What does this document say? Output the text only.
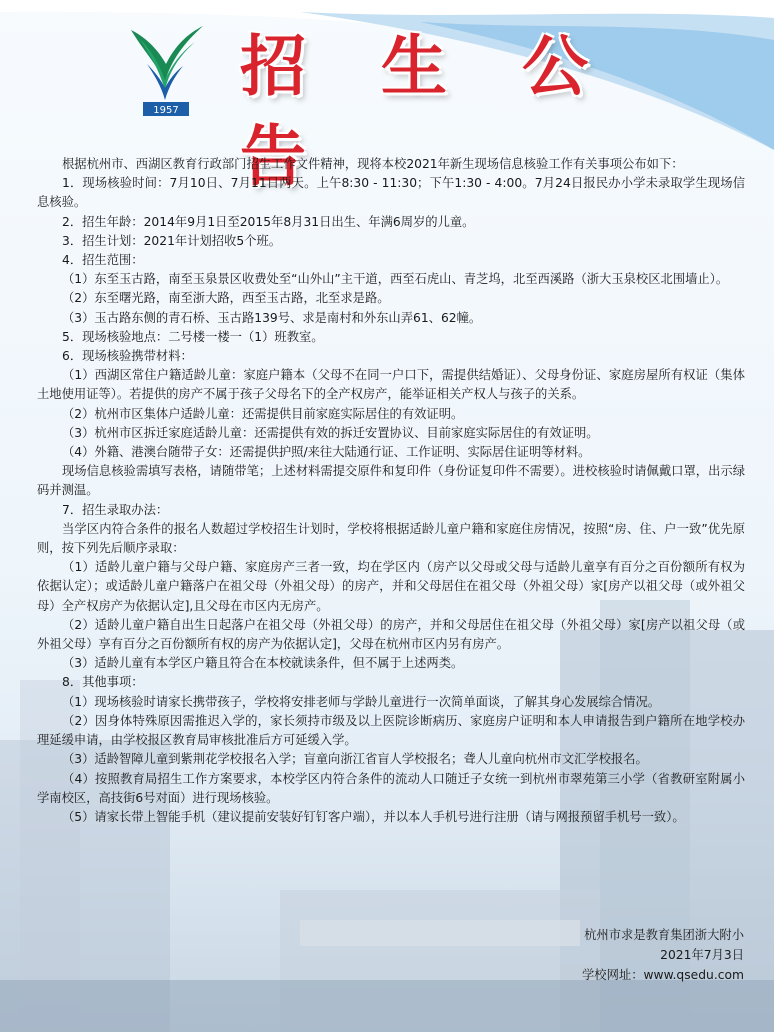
1957
招 生 公 告

根据杭州市、西湖区教育行政部门招生工作文件精神，现将本校2021年新生现场信息核验工作有关事项公布如下：

1．现场核验时间：7月10日、7月11日两天。上午8:30 - 11:30；下午1:30 - 4:00。7月24日报民办小学未录取学生现场信息核验。

2．招生年龄：2014年9月1日至2015年8月31日出生、年满6周岁的儿童。

3．招生计划：2021年计划招收5个班。

4．招生范围：

（1）东至玉古路，南至玉泉景区收费处至“山外山”主干道，西至石虎山、青芝坞，北至西溪路（浙大玉泉校区北围墙止）。

（2）东至曙光路，南至浙大路，西至玉古路，北至求是路。

（3）玉古路东侧的青石桥、玉古路139号、求是南村和外东山弄61、62幢。

5．现场核验地点：二号楼一楼一（1）班教室。

6．现场核验携带材料：

（1）西湖区常住户籍适龄儿童：家庭户籍本（父母不在同一户口下，需提供结婚证）、父母身份证、家庭房屋所有权证（集体土地使用证等）。若提供的房产不属于孩子父母名下的全产权房产，能举证相关产权人与孩子的关系。

（2）杭州市区集体户适龄儿童：还需提供目前家庭实际居住的有效证明。

（3）杭州市区拆迁家庭适龄儿童：还需提供有效的拆迁安置协议、目前家庭实际居住的有效证明。

（4）外籍、港澳台随带子女：还需提供护照/来往大陆通行证、工作证明、实际居住证明等材料。

现场信息核验需填写表格，请随带笔；上述材料需提交原件和复印件（身份证复印件不需要）。进校核验时请佩戴口罩，出示绿码并测温。

7．招生录取办法：

当学区内符合条件的报名人数超过学校招生计划时，学校将根据适龄儿童户籍和家庭住房情况，按照“房、住、户一致”优先原则，按下列先后顺序录取：

（1）适龄儿童户籍与父母户籍、家庭房产三者一致，均在学区内（房产以父母或父母与适龄儿童享有百分之百份额所有权为依据认定）；或适龄儿童户籍落户在祖父母（外祖父母）的房产，并和父母居住在祖父母（外祖父母）家[房产以祖父母（或外祖父母）全产权房产为依据认定],且父母在市区内无房产。

（2）适龄儿童户籍自出生日起落户在祖父母（外祖父母）的房产，并和父母居住在祖父母（外祖父母）家[房产以祖父母（或外祖父母）享有百分之百份额所有权的房产为依据认定]，父母在杭州市区内另有房产。

（3）适龄儿童有本学区户籍且符合在本校就读条件，但不属于上述两类。

8．其他事项：

（1）现场核验时请家长携带孩子，学校将安排老师与学龄儿童进行一次简单面谈，了解其身心发展综合情况。

（2）因身体特殊原因需推迟入学的，家长须持市级及以上医院诊断病历、家庭房户证明和本人申请报告到户籍所在地学校办理延缓申请，由学校报区教育局审核批准后方可延缓入学。

（3）适龄智障儿童到紫荆花学校报名入学；盲童向浙江省盲人学校报名；聋人儿童向杭州市文汇学校报名。

（4）按照教育局招生工作方案要求，本校学区内符合条件的流动人口随迁子女统一到杭州市翠苑第三小学（省教研室附属小学南校区，高技街6号对面）进行现场核验。

（5）请家长带上智能手机（建议提前安装好钉钉客户端），并以本人手机号进行注册（请与网报预留手机号一致）。

杭州市求是教育集团浙大附小
2021年7月3日
学校网址：www.qsedu.com
